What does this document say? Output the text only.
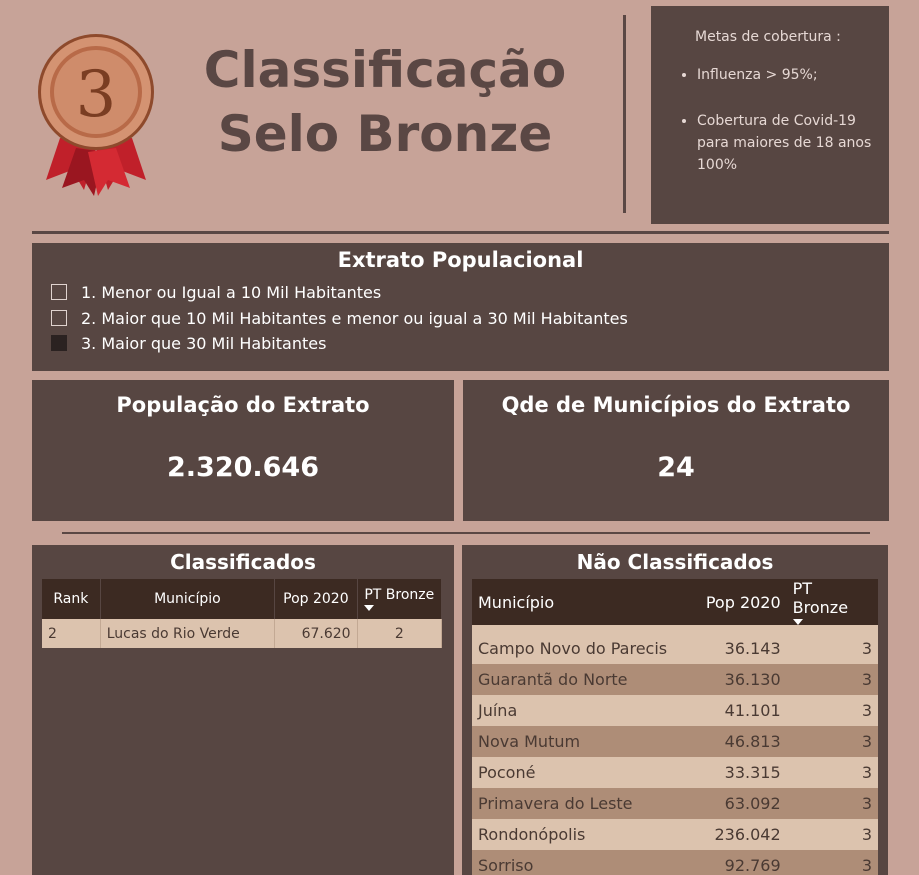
3	Classificação
Selo Bronze
Metas de cobertura :
• Influenza > 95%;
• Cobertura de Covid-19 para maiores de 18 anos 100%
Extrato Populacional
1. Menor ou Igual a 10 Mil Habitantes
2. Maior que 10 Mil Habitantes e menor ou igual a 30 Mil Habitantes
3. Maior que 30 Mil Habitantes
População do Extrato
2.320.646
Qde de Municípios do Extrato
24
Classificados
Rank	Município	Pop 2020	PT Bronze

2	Lucas do Rio Verde	67.620	2
Não Classificados
Município	Pop 2020	PT Bronze

Campo Novo do Parecis	36.143	3
Guarantã do Norte	36.130	3
Juína	41.101	3
Nova Mutum	46.813	3
Poconé	33.315	3
Primavera do Leste	63.092	3
Rondonópolis	236.042	3
Sorriso	92.769	3
